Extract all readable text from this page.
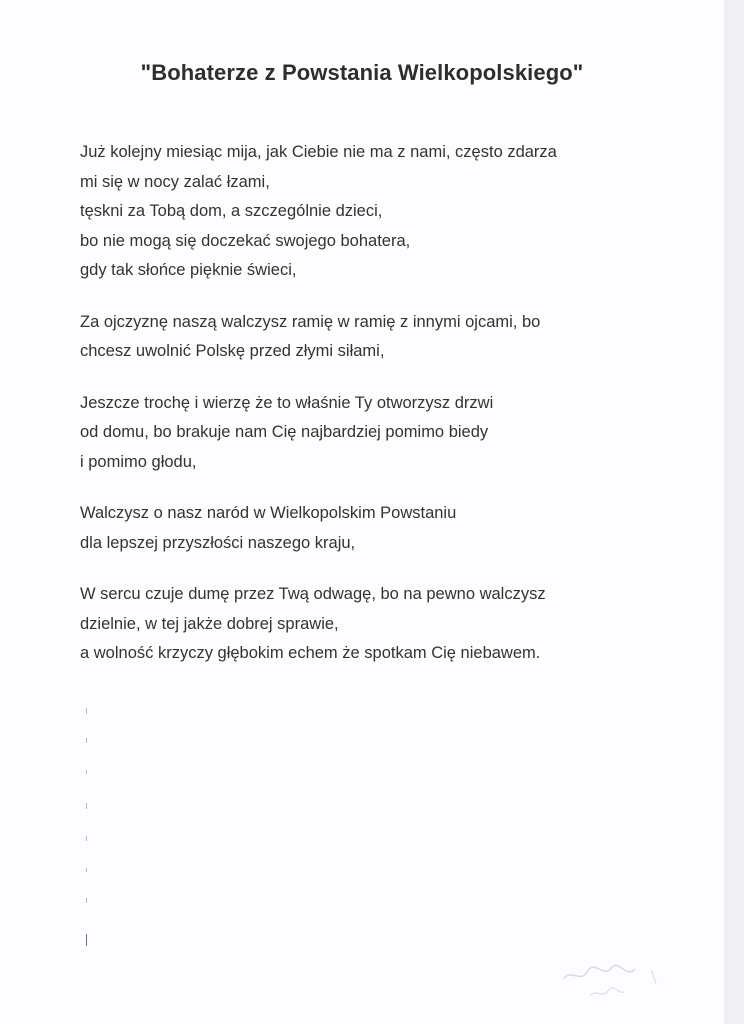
"Bohaterze z Powstania Wielkopolskiego"
Już kolejny miesiąc mija, jak Ciebie nie ma z nami, często zdarza
mi się w nocy zalać łzami,
tęskni za Tobą dom, a szczególnie dzieci,
bo nie mogą się doczekać swojego bohatera,
gdy tak słońce pięknie świeci,
Za ojczyznę naszą walczysz ramię w ramię z innymi ojcami, bo
chcesz uwolnić Polskę przed złymi siłami,
Jeszcze trochę i wierzę że to właśnie Ty otworzysz drzwi
od domu, bo brakuje nam Cię najbardziej pomimo biedy
i pomimo głodu,
Walczysz o nasz naród w Wielkopolskim Powstaniu
dla lepszej przyszłości naszego kraju,
W sercu czuje dumę przez Twą odwagę, bo na pewno walczysz
dzielnie, w tej jakże dobrej sprawie,
a wolność krzyczy głębokim echem że spotkam Cię niebawem.
